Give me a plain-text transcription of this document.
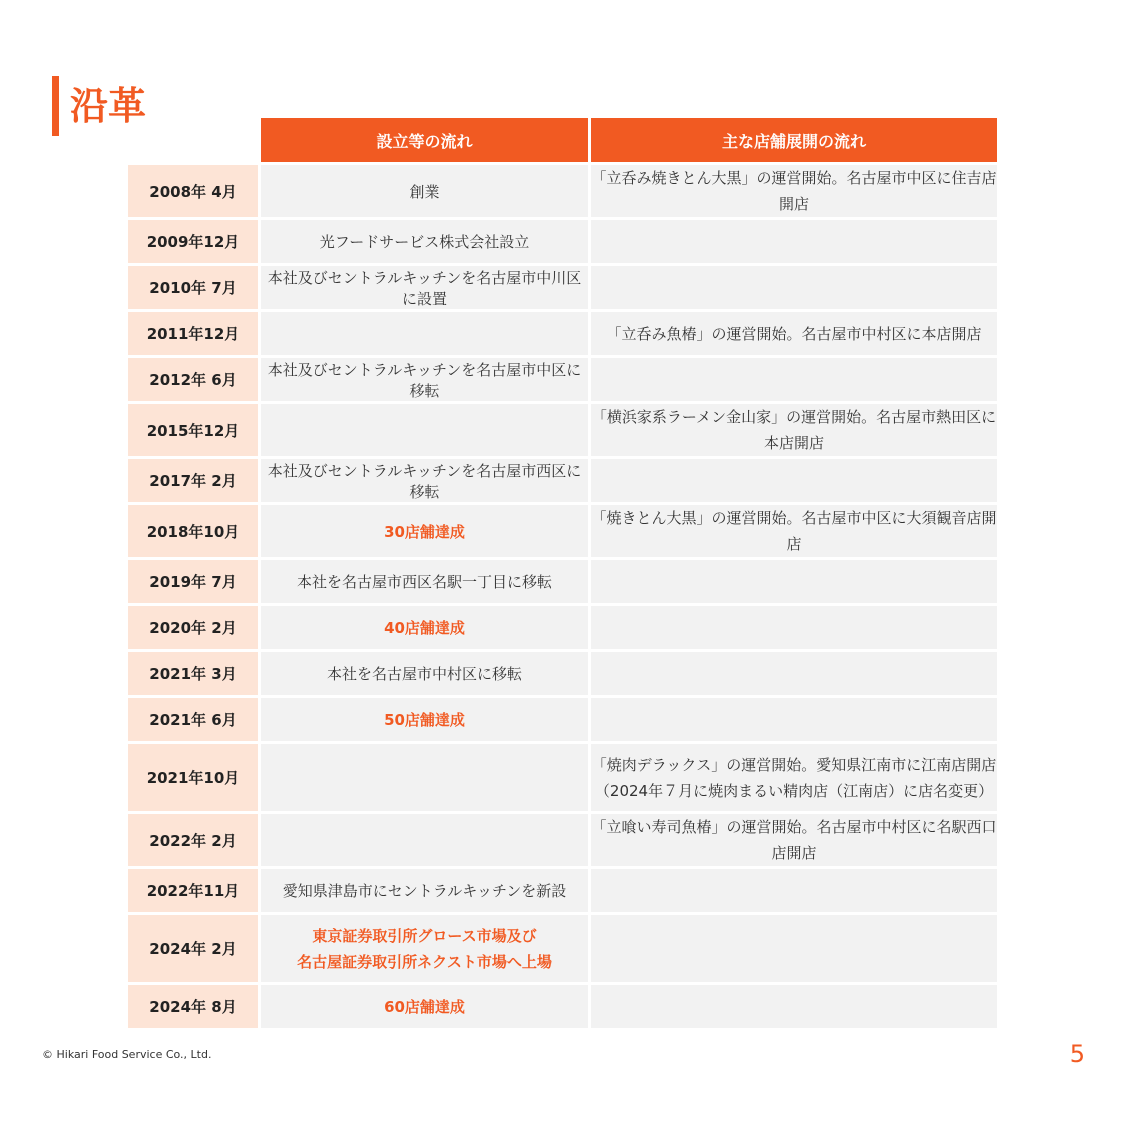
沿革
	設立等の流れ	主な店舗展開の流れ
2008年 4月	創業	「立呑み焼きとん大黒」の運営開始。名古屋市中区に住吉店開店

2009年12月	光フードサービス株式会社設立	

2010年 7月	本社及びセントラルキッチンを名古屋市中川区に設置	

2011年12月		「立呑み魚椿」の運営開始。名古屋市中村区に本店開店

2012年 6月	本社及びセントラルキッチンを名古屋市中区に移転	

2015年12月		「横浜家系ラーメン金山家」の運営開始。名古屋市熱田区に本店開店

2017年 2月	本社及びセントラルキッチンを名古屋市西区に移転	

2018年10月	30店舗達成	「焼きとん大黒」の運営開始。名古屋市中区に大須観音店開店

2019年 7月	本社を名古屋市西区名駅一丁目に移転	

2020年 2月	40店舗達成	

2021年 3月	本社を名古屋市中村区に移転	

2021年 6月	50店舗達成	

2021年10月		「焼肉デラックス」の運営開始。愛知県江南市に江南店開店
（2024年７月に焼肉まるい精肉店（江南店）に店名変更）

2022年 2月		「立喰い寿司魚椿」の運営開始。名古屋市中村区に名駅西口店開店

2022年11月	愛知県津島市にセントラルキッチンを新設	

2024年 2月	東京証券取引所グロース市場及び
名古屋証券取引所ネクスト市場へ上場	

2024年 8月	60店舗達成	
© Hikari Food Service Co., Ltd.	5
